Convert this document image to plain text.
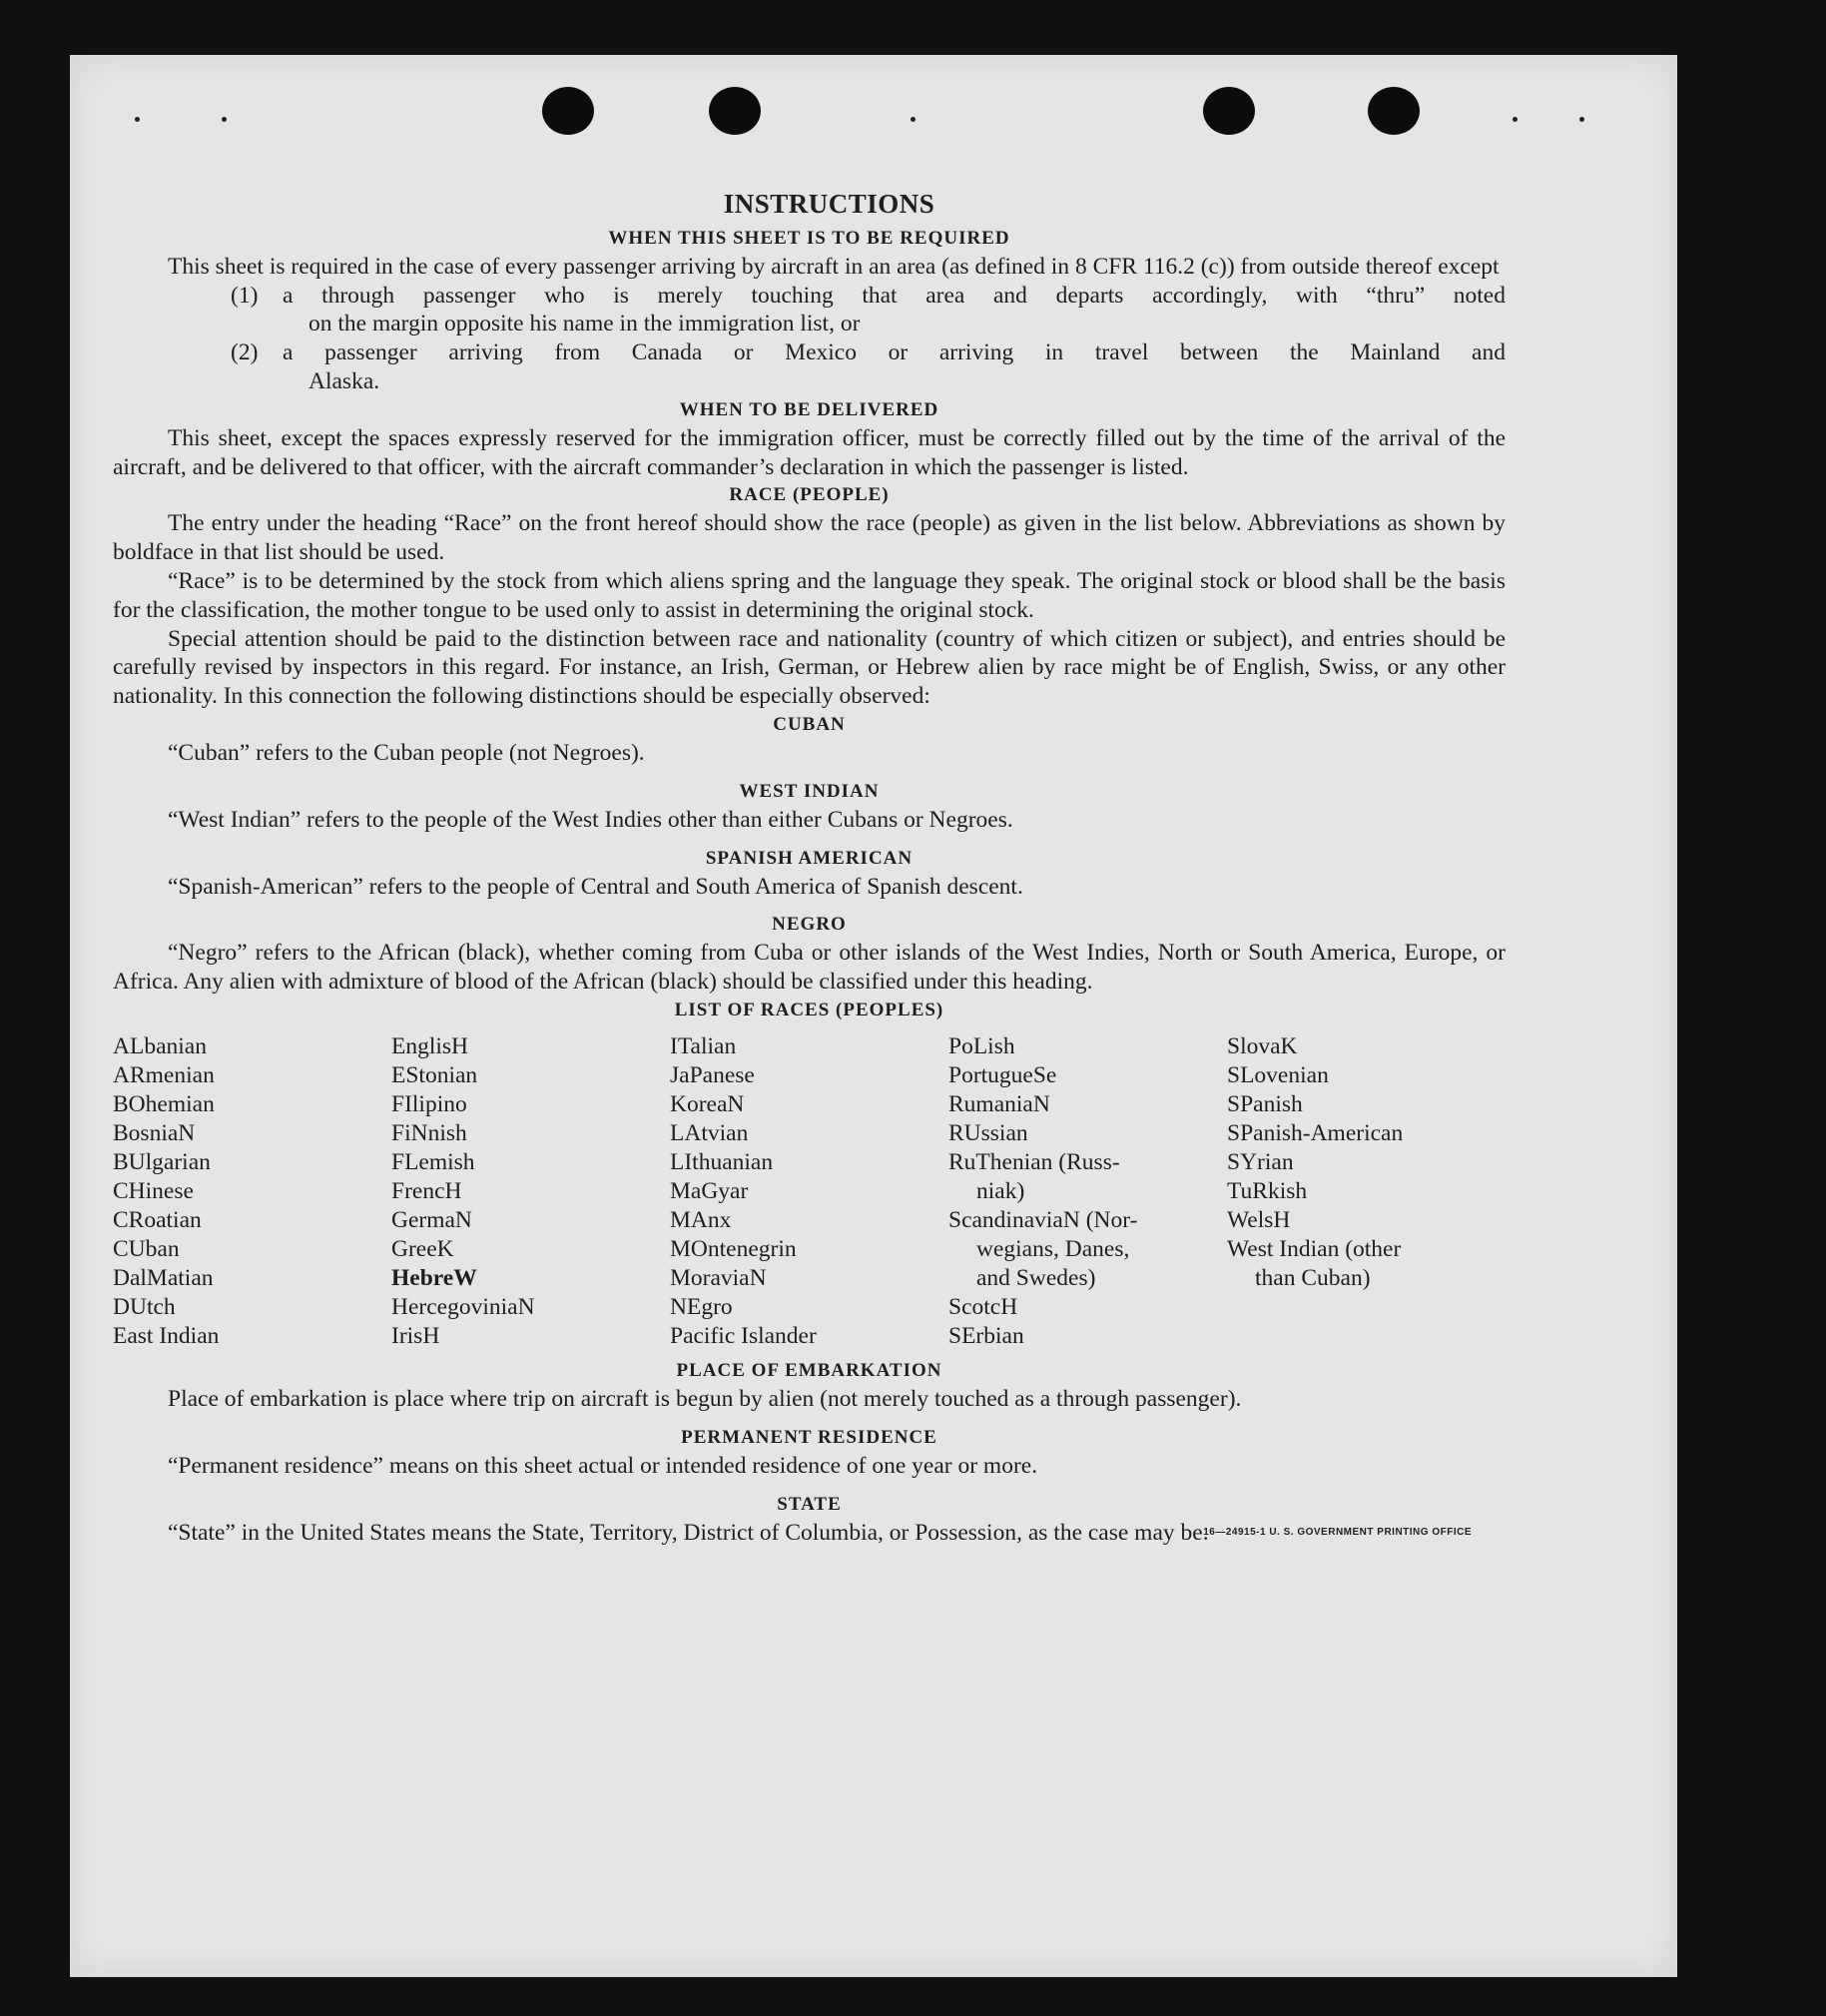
INSTRUCTIONS
WHEN THIS SHEET IS TO BE REQUIRED

This sheet is required in the case of every passenger arriving by aircraft in an area (as defined in 8 CFR 116.2 (c)) from outside thereof except

(1)	a through passenger who is merely touching that area and departs accordingly, with “thru” noted
on the margin opposite his name in the immigration list, or
(2)	a passenger arriving from Canada or Mexico or arriving in travel between the Mainland and
Alaska.
WHEN TO BE DELIVERED

This sheet, except the spaces expressly reserved for the immigration officer, must be correctly filled out by the time of the arrival of the aircraft, and be delivered to that officer, with the aircraft commander’s declaration in which the passenger is listed.

RACE (PEOPLE)

The entry under the heading “Race” on the front hereof should show the race (people) as given in the list below. Abbreviations as shown by boldface in that list should be used.

“Race” is to be determined by the stock from which aliens spring and the language they speak. The original stock or blood shall be the basis for the classification, the mother tongue to be used only to assist in determining the original stock.

Special attention should be paid to the distinction between race and nationality (country of which citizen or subject), and entries should be carefully revised by inspectors in this regard. For instance, an Irish, German, or Hebrew alien by race might be of English, Swiss, or any other nationality. In this connection the following distinctions should be especially observed:

CUBAN

“Cuban” refers to the Cuban people (not Negroes).

WEST INDIAN

“West Indian” refers to the people of the West Indies other than either Cubans or Negroes.

SPANISH AMERICAN

“Spanish-American” refers to the people of Central and South America of Spanish descent.

NEGRO

“Negro” refers to the African (black), whether coming from Cuba or other islands of the West Indies, North or South America, Europe, or Africa. Any alien with admixture of blood of the African (black) should be classified under this heading.

LIST OF RACES (PEOPLES)
ALbanian
ARmenian
BOhemian
BosniaN
BUlgarian
CHinese
CRoatian
CUban
DalMatian
DUtch
East Indian
EnglisH
EStonian
FIlipino
FiNnish
FLemish
FrencH
GermaN
GreeK
HebreW
HercegoviniaN
IrisH
ITalian
JaPanese
KoreaN
LAtvian
LIthuanian
MaGyar
MAnx
MOntenegrin
MoraviaN
NEgro
Pacific Islander
PoLish
PortugueSe
RumaniaN
RUssian
RuThenian (Russ-
niak)
ScandinaviaN (Nor-
wegians, Danes,
and Swedes)
ScotcH
SErbian
SlovaK
SLovenian
SPanish
SPanish-American
SYrian
TuRkish
WelsH
West Indian (other
than Cuban)
PLACE OF EMBARKATION

Place of embarkation is place where trip on aircraft is begun by alien (not merely touched as a through passenger).

PERMANENT RESIDENCE

“Permanent residence” means on this sheet actual or intended residence of one year or more.

STATE

“State” in the United States means the State, Territory, District of Columbia, or Possession, as the case may be.

16—24915-1 U. S. GOVERNMENT PRINTING OFFICE
